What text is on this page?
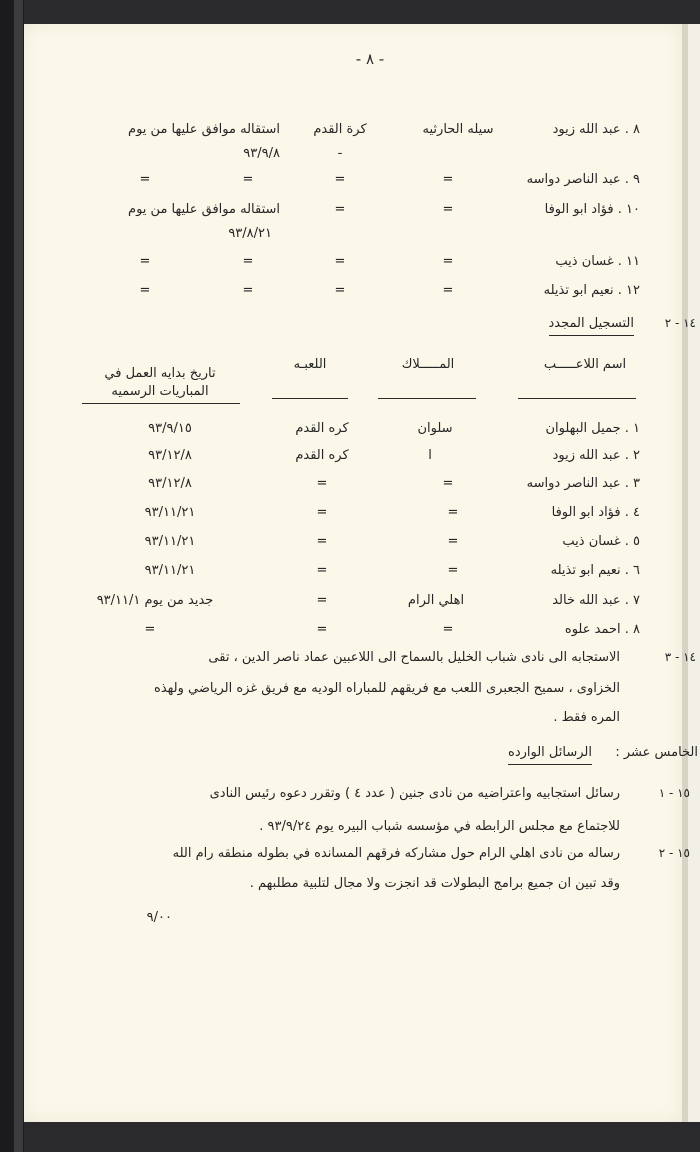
- ٨ -
٨ . عبد الله زيود
سيله الحارثيه
كرة القدم
استقاله موافق عليها من يوم
٩٣/٩/٨	-
٩ . عبد الناصر دواسه
=
=
=
=
١٠ . فؤاد ابو الوفا
=
=
استقاله موافق عليها من يوم
٩٣/٨/٢١
١١ . غسان ذيب
=
=
=
=
١٢ . نعيم ابو تذيله
=
=
=
=
١٤ - ٢
التسجيل المجدد
اسم اللاعـــــب
المـــــلاك
اللعبـه
تاريخ بدايه العمل في
المباريات الرسميه
١ . جميل البهلوان
سلوان
كره القدم
٩٣/٩/١٥
٢ . عبد الله زيود
ا
كره القدم
٩٣/١٢/٨
٣ . عبد الناصر دواسه
=
=
٩٣/١٢/٨
٤ . فؤاد ابو الوفا
=
=
٩٣/١١/٢١
٥ . غسان ذيب
=
=
٩٣/١١/٢١
٦ . نعيم ابو تذيله
=
=
٩٣/١١/٢١
٧ . عبد الله خالد
اهلي الرام
=
جديد من يوم ٩٣/١١/١
٨ . احمد علوه
=
=
=
١٤ - ٣
الاستجابه الى نادى شباب الخليل بالسماح الى اللاعبين عماد ناصر الدين ، تقى
الخزاوى ، سميح الجعبرى اللعب مع فريقهم للمباراه الوديه مع فريق غزه الرياضي ولهذه
المره فقط .
الخامس عشر :
الرسائل الوارده
١٥ - ١
رسائل استجابيه واعتراضيه من نادى جنين ( عدد ٤ ) وتقرر دعوه رئيس النادى
للاجتماع مع مجلس الرابطه في مؤسسه شباب البيره يوم ٩٣/٩/٢٤ .
١٥ - ٢
رساله من نادى اهلي الرام حول مشاركه فرقهم المسانده في بطوله منطقه رام الله
وقد تبين ان جميع برامج البطولات قد انجزت ولا مجال لتلبية مطلبهم .
٩/٠٠
